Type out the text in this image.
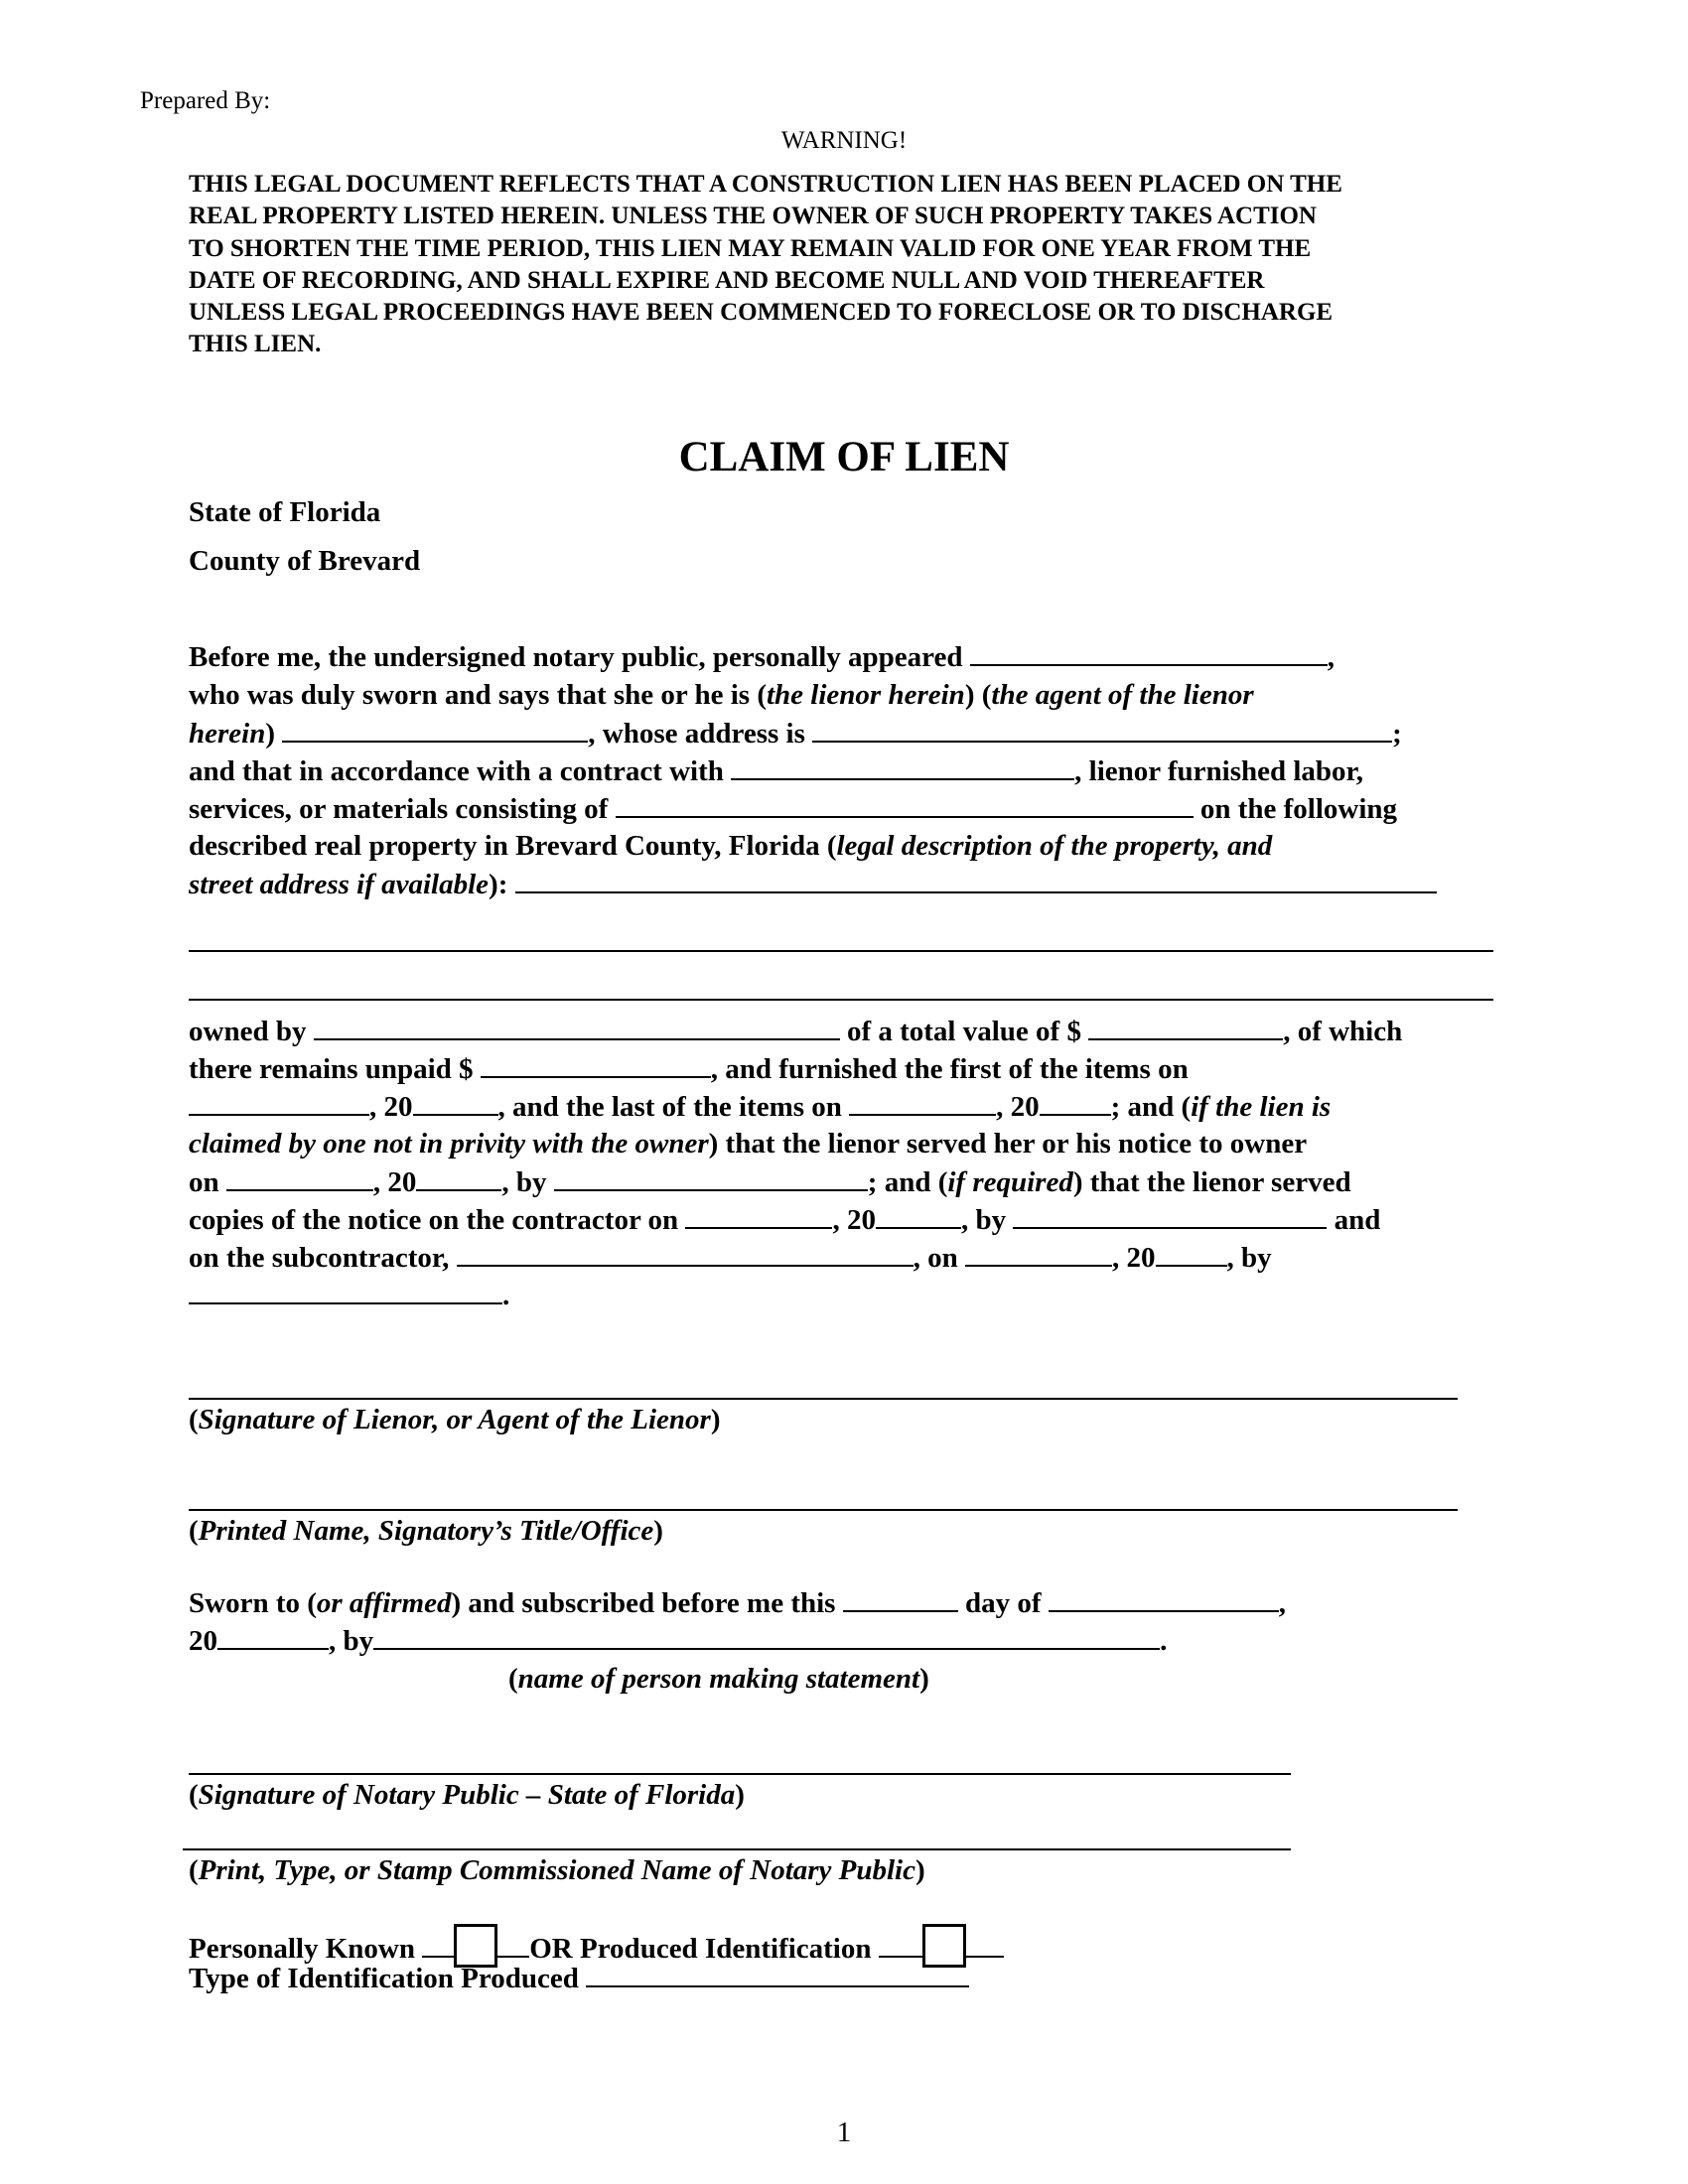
Prepared By:
WARNING!
THIS LEGAL DOCUMENT REFLECTS THAT A CONSTRUCTION LIEN HAS BEEN PLACED ON THE
REAL PROPERTY LISTED HEREIN. UNLESS THE OWNER OF SUCH PROPERTY TAKES ACTION
TO SHORTEN THE TIME PERIOD, THIS LIEN MAY REMAIN VALID FOR ONE YEAR FROM THE
DATE OF RECORDING, AND SHALL EXPIRE AND BECOME NULL AND VOID THEREAFTER
UNLESS LEGAL PROCEEDINGS HAVE BEEN COMMENCED TO FORECLOSE OR TO DISCHARGE
THIS LIEN.
CLAIM OF LIEN
State of Florida
County of Brevard
Before me, the undersigned notary public, personally appeared	,
who was duly sworn and says that she or he is (the lienor herein) (the agent of the lienor
herein)	, whose address is	;
and that in accordance with a contract with	, lienor furnished labor,
services, or materials consisting of	on the following
described real property in Brevard County, Florida (legal description of the property, and
street address if available):
owned by	of a total value of $	, of which
there remains unpaid $	, and furnished the first of the items on
, 20	, and the last of the items on	, 20 ; and (if the lien is
claimed by one not in privity with the owner) that the lienor served her or his notice to owner
on	, 20	, by	; and (if required) that the lienor served
copies of the notice on the contractor on	, 20	, by	and
on the subcontractor,	, on	, 20 , by
.
(Signature of Lienor, or Agent of the Lienor)
(Printed Name, Signatory’s Title/Office)
Sworn to (or affirmed) and subscribed before me this	day of	,
20	, by	.
(name of person making statement)
(Signature of Notary Public – State of Florida)
(Print, Type, or Stamp Commissioned Name of Notary Public)
Personally Known	OR Produced Identification
Type of Identification Produced
1
